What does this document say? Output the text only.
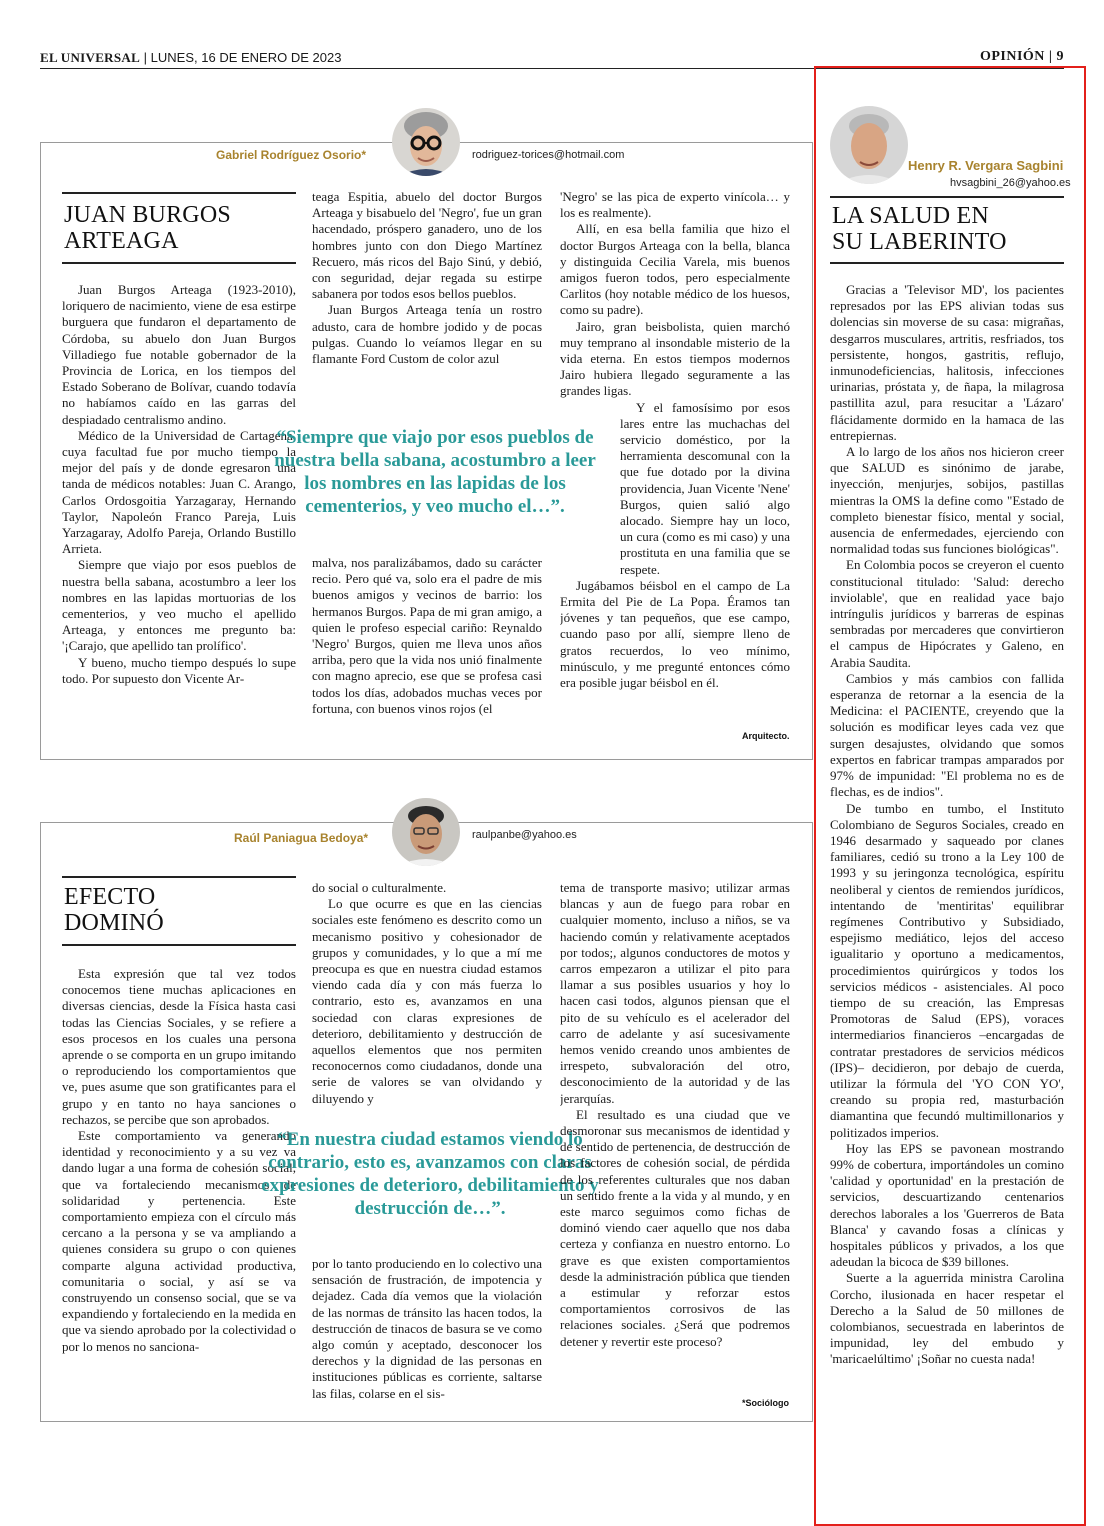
EL UNIVERSAL | LUNES, 16 DE ENERO DE 2023	OPINIÓN | 9
Gabriel Rodríguez Osorio*	rodriguez-torices@hotmail.com
JUAN BURGOS
ARTEAGA

Juan Burgos Arteaga (1923-2010), loriquero de nacimiento, viene de esa estirpe burguera que fundaron el departamento de Córdoba, su abuelo don Juan Burgos Villadiego fue notable gobernador de la Provincia de Lorica, en los tiempos del Estado Soberano de Bolívar, cuando todavía no habíamos caído en las garras del despiadado centralismo andino.

Médico de la Universidad de Cartagena, cuya facultad fue por mucho tiempo la mejor del país y de donde egresaron una tanda de médicos notables: Juan C. Arango, Carlos Ordosgoitia Yarzagaray, Hernando Taylor, Napoleón Franco Pareja, Luis Yarzagaray, Adolfo Pareja, Orlando Bustillo Arrieta.

Siempre que viajo por esos pueblos de nuestra bella sabana, acostumbro a leer los nombres en las lapidas mortuorias de los cementerios, y veo mucho el apellido Arteaga, y entonces me pregunto ba: '¡Carajo, que apellido tan prolífico'.

Y bueno, mucho tiempo después lo supe todo. Por supuesto don Vicente Ar-

teaga Espitia, abuelo del doctor Burgos Arteaga y bisabuelo del 'Negro', fue un gran hacendado, próspero ganadero, uno de los hombres junto con don Diego Martínez Recuero, más ricos del Bajo Sinú, y debió, con seguridad, dejar regada su estirpe sabanera por todos esos bellos pueblos.

Juan Burgos Arteaga tenía un rostro adusto, cara de hombre jodido y de pocas pulgas. Cuando lo veíamos llegar en su flamante Ford Custom de color azul

“Siempre que viajo por esos pueblos de nuestra bella sabana, acostumbro a leer los nombres en las lapidas de los cementerios, y veo mucho el…”.

malva, nos paralizábamos, dado su carácter recio. Pero qué va, solo era el padre de mis buenos amigos y vecinos de barrio: los hermanos Burgos. Papa de mi gran amigo, a quien le profeso especial cariño: Reynaldo 'Negro' Burgos, quien me lleva unos años arriba, pero que la vida nos unió finalmente con magno aprecio, ese que se profesa casi todos los días, adobados muchas veces por fortuna, con buenos vinos rojos (el

'Negro' se las pica de experto vinícola… y los es realmente).

Allí, en esa bella familia que hizo el doctor Burgos Arteaga con la bella, blanca y distinguida Cecilia Varela, mis buenos amigos fueron todos, pero especialmente Carlitos (hoy notable médico de los huesos, como su padre).

Jairo, gran beisbolista, quien marchó muy temprano al insondable misterio de la vida eterna. En estos tiempos modernos Jairo hubiera llegado seguramente a las grandes ligas.

Y el famosísimo por esos lares entre las muchachas del servicio doméstico, por la herramienta descomunal con la que fue dotado por la divina providencia, Juan Vicente 'Nene' Burgos, quien salió algo alocado. Siempre hay un loco, un cura (como es mi caso) y una prostituta en una familia que se respete.

Jugábamos béisbol en el campo de La Ermita del Pie de La Popa. Éramos tan jóvenes y tan pequeños, que ese campo, cuando paso por allí, siempre lleno de gratos recuerdos, lo veo mínimo, minúsculo, y me pregunté entonces cómo era posible jugar béisbol en él.

Arquitecto.
Raúl Paniagua Bedoya*	raulpanbe@yahoo.es
EFECTO
DOMINÓ

Esta expresión que tal vez todos conocemos tiene muchas aplicaciones en diversas ciencias, desde la Física hasta casi todas las Ciencias Sociales, y se refiere a esos procesos en los cuales una persona aprende o se comporta en un grupo imitando o reproduciendo los comportamientos que ve, pues asume que son gratificantes para el grupo y en tanto no haya sanciones o rechazos, se percibe que son aprobados.

Este comportamiento va generando identidad y reconocimiento y a su vez va dando lugar a una forma de cohesión social, que va fortaleciendo mecanismos de solidaridad y pertenencia. Este comportamiento empieza con el círculo más cercano a la persona y se va ampliando a quienes considera su grupo o con quienes comparte alguna actividad productiva, comunitaria o social, y así se va construyendo un consenso social, que se va expandiendo y fortaleciendo en la medida en que va siendo aprobado por la colectividad o por lo menos no sanciona-

do social o culturalmente.

Lo que ocurre es que en las ciencias sociales este fenómeno es descrito como un mecanismo positivo y cohesionador de grupos y comunidades, y lo que a mí me preocupa es que en nuestra ciudad estamos viendo cada día y con más fuerza lo contrario, esto es, avanzamos en una sociedad con claras expresiones de deterioro, debilitamiento y destrucción de aquellos elementos que nos permiten reconocernos como ciudadanos, donde una serie de valores se van olvidando y diluyendo y

“En nuestra ciudad estamos viendo lo contrario, esto es, avanzamos con claras expresiones de deterioro, debilitamiento y destrucción de…”.

por lo tanto produciendo en lo colectivo una sensación de frustración, de impotencia y dejadez. Cada día vemos que la violación de las normas de tránsito las hacen todos, la destrucción de tinacos de basura se ve como algo común y aceptado, desconocer los derechos y la dignidad de las personas en instituciones públicas es corriente, saltarse las filas, colarse en el sis-

tema de transporte masivo; utilizar armas blancas y aun de fuego para robar en cualquier momento, incluso a niños, se va haciendo común y relativamente aceptados por todos;, algunos conductores de motos y carros empezaron a utilizar el pito para llamar a sus posibles usuarios y hoy lo hacen casi todos, algunos piensan que el pito de su vehículo es el acelerador del carro de adelante y así sucesivamente hemos venido creando unos ambientes de irrespeto, subvaloración del otro, desconocimiento de la autoridad y de las jerarquías.

El resultado es una ciudad que ve desmoronar sus mecanismos de identidad y de sentido de pertenencia, de destrucción de los factores de cohesión social, de pérdida de los referentes culturales que nos daban un sentido frente a la vida y al mundo, y en este marco seguimos como fichas de dominó viendo caer aquello que nos daba certeza y confianza en nuestro entorno. Lo grave es que existen comportamientos desde la administración pública que tienden a estimular y reforzar estos comportamientos corrosivos de las relaciones sociales. ¿Será que podremos detener y revertir este proceso?

*Sociólogo
Henry R. Vergara Sagbini
hvsagbini_26@yahoo.es
LA SALUD EN
SU LABERINTO

Gracias a 'Televisor MD', los pacientes represados por las EPS alivian todas sus dolencias sin moverse de su casa: migrañas, desgarros musculares, artritis, resfriados, tos persistente, hongos, gastritis, reflujo, inmunodeficiencias, halitosis, infecciones urinarias, próstata y, de ñapa, la milagrosa pastillita azul, para resucitar a 'Lázaro' flácidamente dormido en la hamaca de las entrepiernas.

A lo largo de los años nos hicieron creer que SALUD es sinónimo de jarabe, inyección, menjurjes, sobijos, pastillas mientras la OMS la define como "Estado de completo bienestar físico, mental y social, ausencia de enfermedades, ejerciendo con normalidad todas sus funciones biológicas".

En Colombia pocos se creyeron el cuento constitucional titulado: 'Salud: derecho inviolable', que en realidad yace bajo intríngulis jurídicos y barreras de espinas sembradas por mercaderes que convirtieron el campus de Hipócrates y Galeno, en Arabia Saudita.

Cambios y más cambios con fallida esperanza de retornar a la esencia de la Medicina: el PACIENTE, creyendo que la solución es modificar leyes cada vez que surgen desajustes, olvidando que somos expertos en fabricar trampas amparados por 97% de impunidad: "El problema no es de flechas, es de indios".

De tumbo en tumbo, el Instituto Colombiano de Seguros Sociales, creado en 1946 desarmado y saqueado por clanes familiares, cedió su trono a la Ley 100 de 1993 y su jeringonza tecnológica, espíritu neoliberal y cientos de remiendos jurídicos, intentando de 'mentiritas' equilibrar regímenes Contributivo y Subsidiado, espejismo mediático, lejos del acceso igualitario y oportuno a medicamentos, procedimientos quirúrgicos y todos los servicios médicos - asistenciales. Al poco tiempo de su creación, las Empresas Promotoras de Salud (EPS), voraces intermediarios financieros –encargadas de contratar prestadores de servicios médicos (IPS)– decidieron, por debajo de cuerda, utilizar la fórmula del 'YO CON YO', creando su propia red, masturbación diamantina que fecundó multimillonarios y politizados imperios.

Hoy las EPS se pavonean mostrando 99% de cobertura, importándoles un comino 'calidad y oportunidad' en la prestación de servicios, descuartizando centenarios derechos laborales a los 'Guerreros de Bata Blanca' y cavando fosas a clínicas y hospitales públicos y privados, a los que adeudan la bicoca de $39 billones.

Suerte a la aguerrida ministra Carolina Corcho, ilusionada en hacer respetar el Derecho a la Salud de 50 millones de colombianos, secuestrada en laberintos de impunidad, ley del embudo y 'maricaelúltimo' ¡Soñar no cuesta nada!
